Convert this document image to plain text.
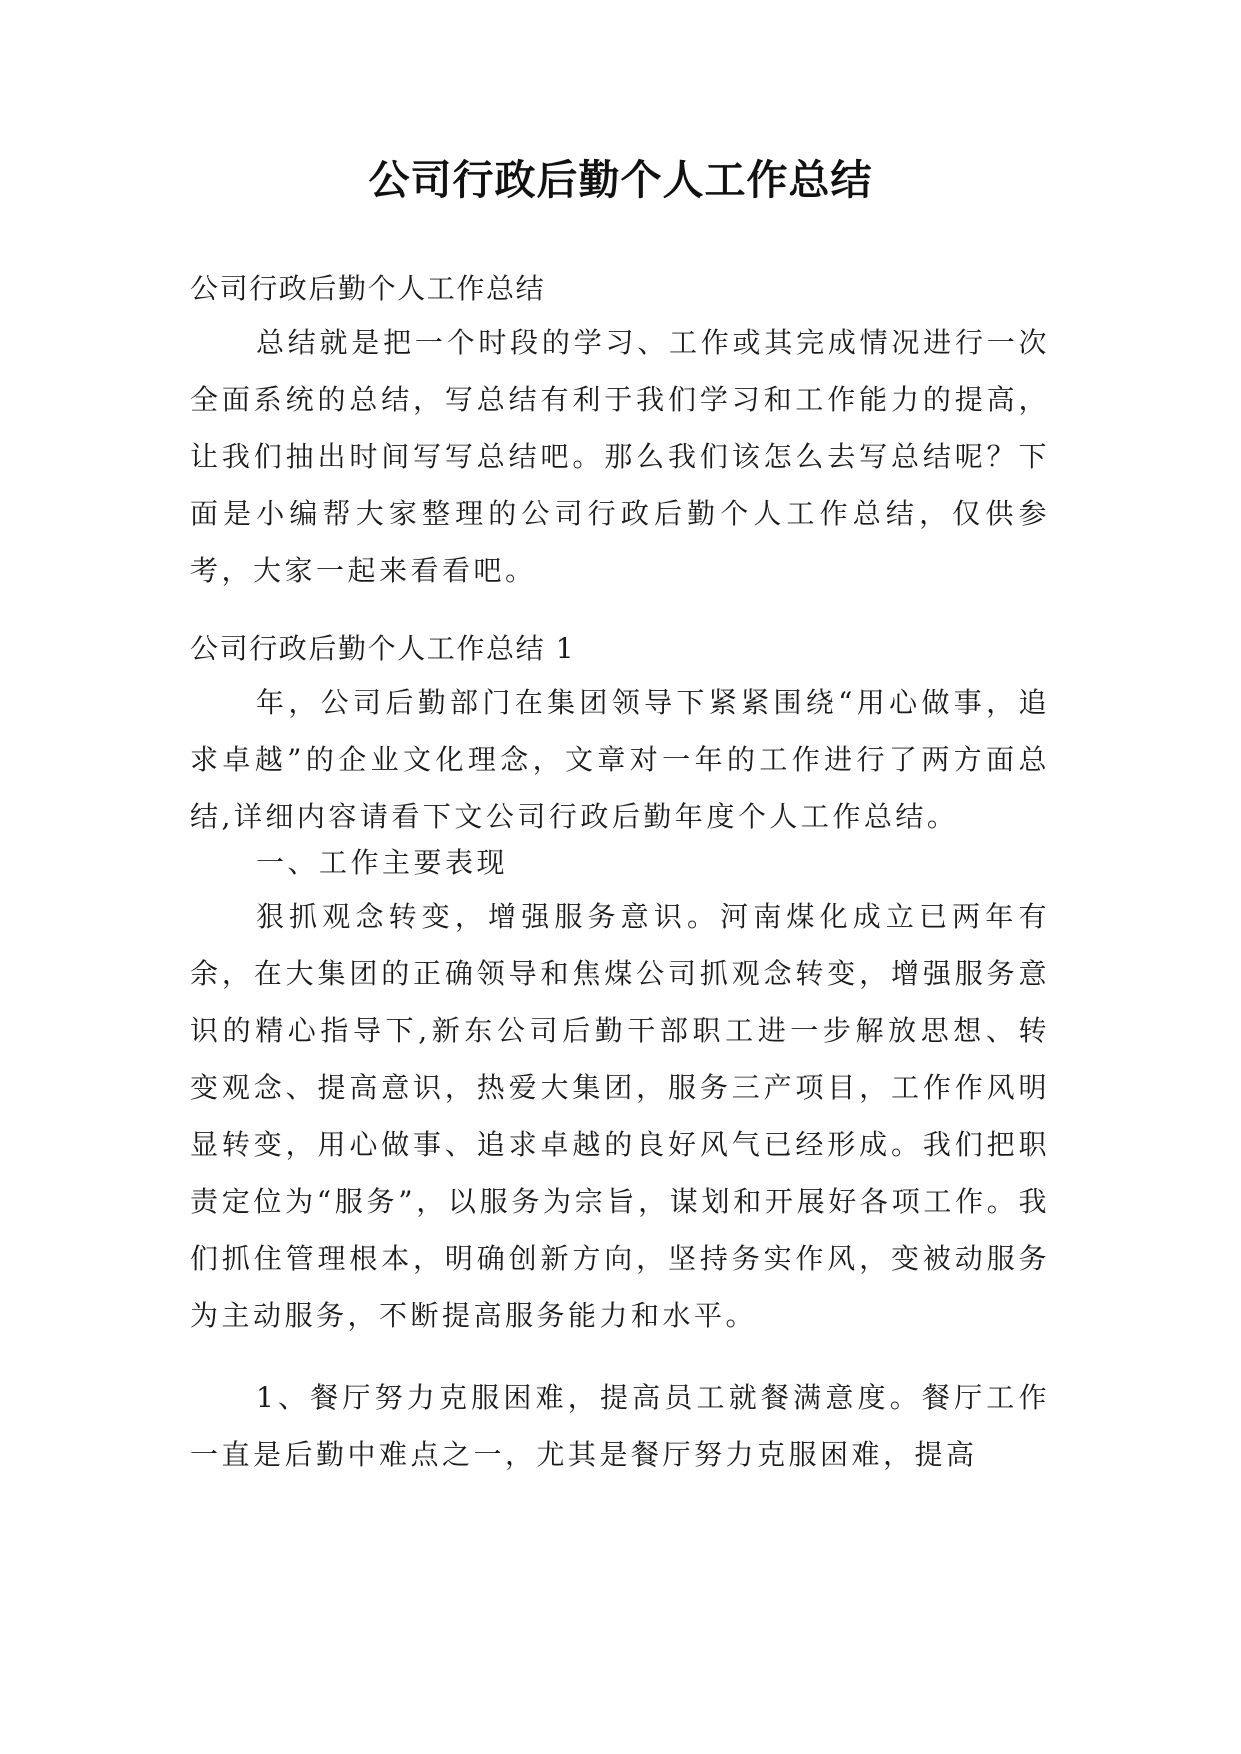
公司行政后勤个人工作总结

公司行政后勤个人工作总结

总结就是把一个时段的学习、工作或其完成情况进行一次全面系统的总结，写总结有利于我们学习和工作能力的提高，让我们抽出时间写写总结吧。那么我们该怎么去写总结呢？下面是小编帮大家整理的公司行政后勤个人工作总结，仅供参考，大家一起来看看吧。

公司行政后勤个人工作总结 1

年，公司后勤部门在集团领导下紧紧围绕“用心做事，追求卓越”的企业文化理念，文章对一年的工作进行了两方面总结,详细内容请看下文公司行政后勤年度个人工作总结。

一、工作主要表现

狠抓观念转变，增强服务意识。河南煤化成立已两年有余，在大集团的正确领导和焦煤公司抓观念转变，增强服务意识的精心指导下,新东公司后勤干部职工进一步解放思想、转变观念、提高意识，热爱大集团，服务三产项目，工作作风明显转变，用心做事、追求卓越的良好风气已经形成。我们把职责定位为“服务”，以服务为宗旨，谋划和开展好各项工作。我们抓住管理根本，明确创新方向，坚持务实作风，变被动服务为主动服务，不断提高服务能力和水平。

1、餐厅努力克服困难，提高员工就餐满意度。餐厅工作一直是后勤中难点之一，尤其是餐厅努力克服困难，提高
